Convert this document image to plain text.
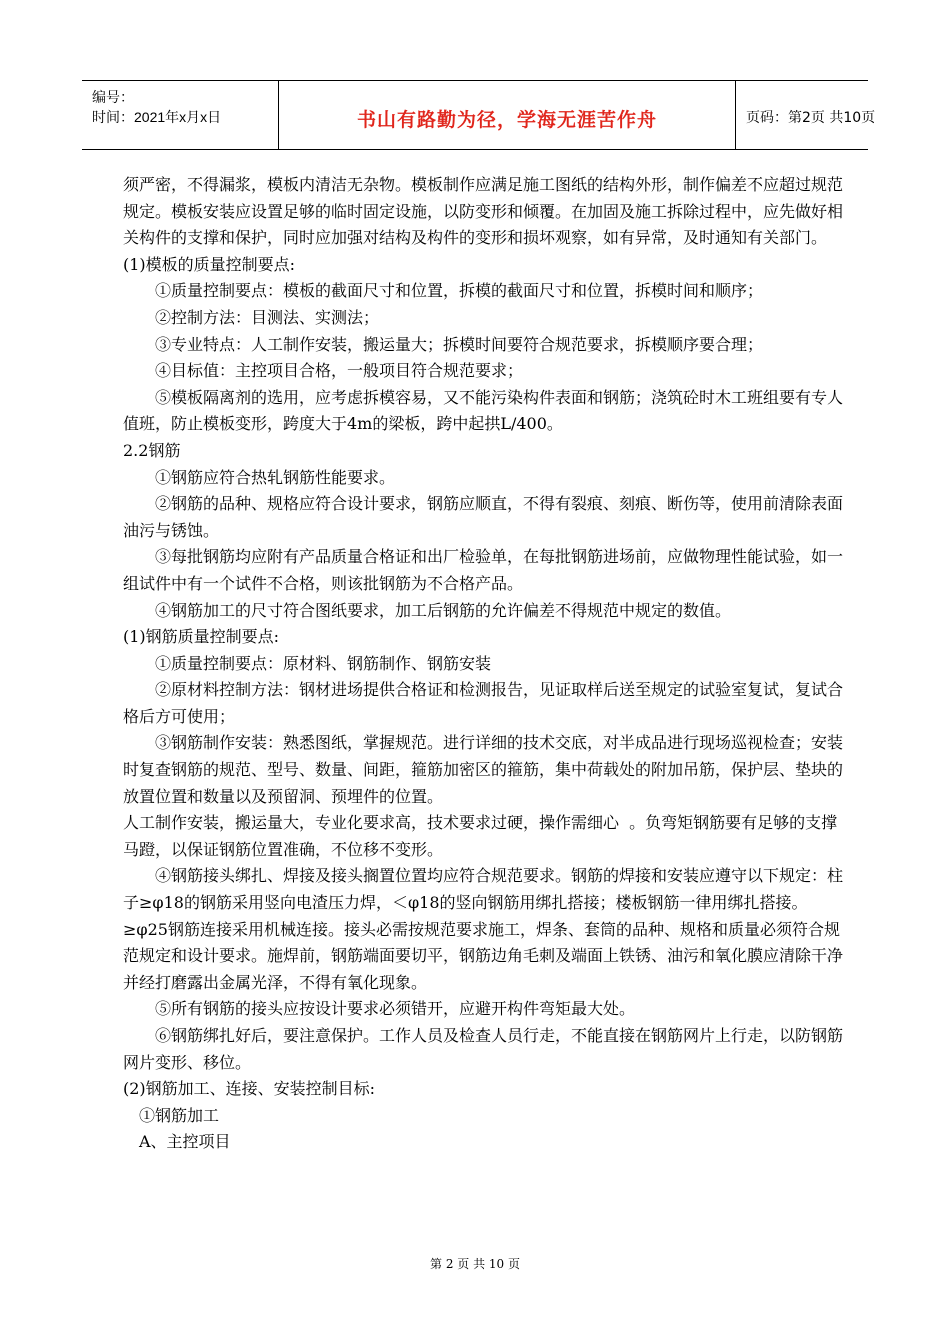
编号：
时间：2021年x月x日	书山有路勤为径，学海无涯苦作舟	页码：第2页 共10页

须严密，不得漏浆，模板内清洁无杂物。模板制作应满足施工图纸的结构外形，制作偏差不应超过规范规定。模板安装应设置足够的临时固定设施，以防变形和倾覆。在加固及施工拆除过程中，应先做好相关构件的支撑和保护，同时应加强对结构及构件的变形和损坏观察，如有异常，及时通知有关部门。

(1)模板的质量控制要点:

①质量控制要点：模板的截面尺寸和位置，拆模的截面尺寸和位置，拆模时间和顺序；

②控制方法：目测法、实测法；

③专业特点：人工制作安装，搬运量大；拆模时间要符合规范要求，拆模顺序要合理；

④目标值：主控项目合格，一般项目符合规范要求；

⑤模板隔离剂的选用，应考虑拆模容易，又不能污染构件表面和钢筋；浇筑砼时木工班组要有专人值班，防止模板变形，跨度大于4m的梁板，跨中起拱L/400。

2.2钢筋

①钢筋应符合热轧钢筋性能要求。

②钢筋的品种、规格应符合设计要求，钢筋应顺直，不得有裂痕、刻痕、断伤等，使用前清除表面油污与锈蚀。

③每批钢筋均应附有产品质量合格证和出厂检验单，在每批钢筋进场前，应做物理性能试验，如一组试件中有一个试件不合格，则该批钢筋为不合格产品。

④钢筋加工的尺寸符合图纸要求，加工后钢筋的允许偏差不得规范中规定的数值。

(1)钢筋质量控制要点:

①质量控制要点：原材料、钢筋制作、钢筋安装

②原材料控制方法：钢材进场提供合格证和检测报告，见证取样后送至规定的试验室复试，复试合格后方可使用；

③钢筋制作安装：熟悉图纸，掌握规范。进行详细的技术交底，对半成品进行现场巡视检查；安装时复查钢筋的规范、型号、数量、间距，箍筋加密区的箍筋，集中荷载处的附加吊筋，保护层、垫块的放置位置和数量以及预留洞、预埋件的位置。

人工制作安装，搬运量大，专业化要求高，技术要求过硬，操作需细心  。负弯矩钢筋要有足够的支撑马蹬，以保证钢筋位置准确，不位移不变形。

④钢筋接头绑扎、焊接及接头搁置位置均应符合规范要求。钢筋的焊接和安装应遵守以下规定：柱子≥φ18的钢筋采用竖向电渣压力焊，＜φ18的竖向钢筋用绑扎搭接；楼板钢筋一律用绑扎搭接。≥φ25钢筋连接采用机械连接。接头必需按规范要求施工，焊条、套筒的品种、规格和质量必须符合规范规定和设计要求。施焊前，钢筋端面要切平，钢筋边角毛刺及端面上铁锈、油污和氧化膜应清除干净并经打磨露出金属光泽，不得有氧化现象。

⑤所有钢筋的接头应按设计要求必须错开，应避开构件弯矩最大处。

⑥钢筋绑扎好后，要注意保护。工作人员及检查人员行走，不能直接在钢筋网片上行走，以防钢筋网片变形、移位。

(2)钢筋加工、连接、安装控制目标:

①钢筋加工

A、主控项目

第 2 页 共 10 页
